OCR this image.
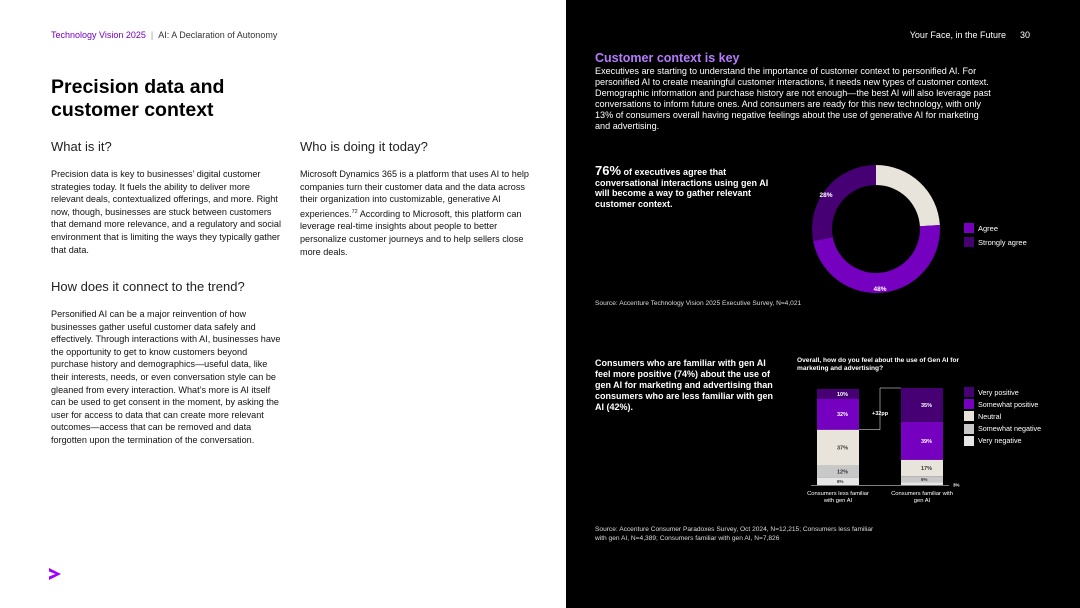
Technology Vision 2025 | AI: A Declaration of Autonomy
Precision data and customer context
What is it?

Precision data is key to businesses’ digital customer strategies today. It fuels the ability to deliver more relevant deals, contextualized offerings, and more. Right now, though, businesses are stuck between customers that demand more relevance, and a regulatory and social environment that is limiting the ways they typically gather that data.

Who is doing it today?

Microsoft Dynamics 365 is a platform that uses AI to help companies turn their customer data and the data across their organization into customizable, generative AI experiences.$^{72}$ According to Microsoft, this platform can leverage real-time insights about people to better personalize customer journeys and to help sellers close more deals.

How does it connect to the trend?

Personified AI can be a major reinvention of how businesses gather useful customer data safely and effectively. Through interactions with AI, businesses have the opportunity to get to know customers beyond purchase history and demographics—useful data, like their interests, needs, or even conversation style can be gleaned from every interaction. What’s more is AI itself can be used to get consent in the moment, by asking the user for access to data that can create more relevant outcomes—access that can be removed and data forgotten upon the termination of the conversation.

Your Face, in the Future 30
Customer context is key

Executives are starting to understand the importance of customer context to personified AI. For personified AI to create meaningful customer interactions, it needs new types of customer context. Demographic information and purchase history are not enough—the best AI will also leverage past conversations to inform future ones. And consumers are ready for this new technology, with only 13% of consumers overall having negative feelings about the use of generative AI for marketing and advertising.

76% of executives agree that conversational interactions using gen AI will become a way to gather relevant customer context.
48%
28%
Agree
Strongly agree
Source: Accenture Technology Vision 2025 Executive Survey, N=4,021
Consumers who are familiar with gen AI feel more positive (74%) about the use of gen AI for marketing and advertising than consumers who are less familiar with gen AI (42%).
Overall, how do you feel about the use of Gen AI for marketing and advertising?
8%
12%
37%
32%
10%
Consumers less familiar with gen AI
3%
6%
17%
39%
35%
Consumers familiar with gen AI
+32pp
Very positive
Somewhat positive
Neutral
Somewhat negative
Very negative
Source: Accenture Consumer Paradoxes Survey, Oct 2024, N=12,215; Consumers less familiar with gen AI, N=4,389; Consumers familiar with gen AI, N=7,826
